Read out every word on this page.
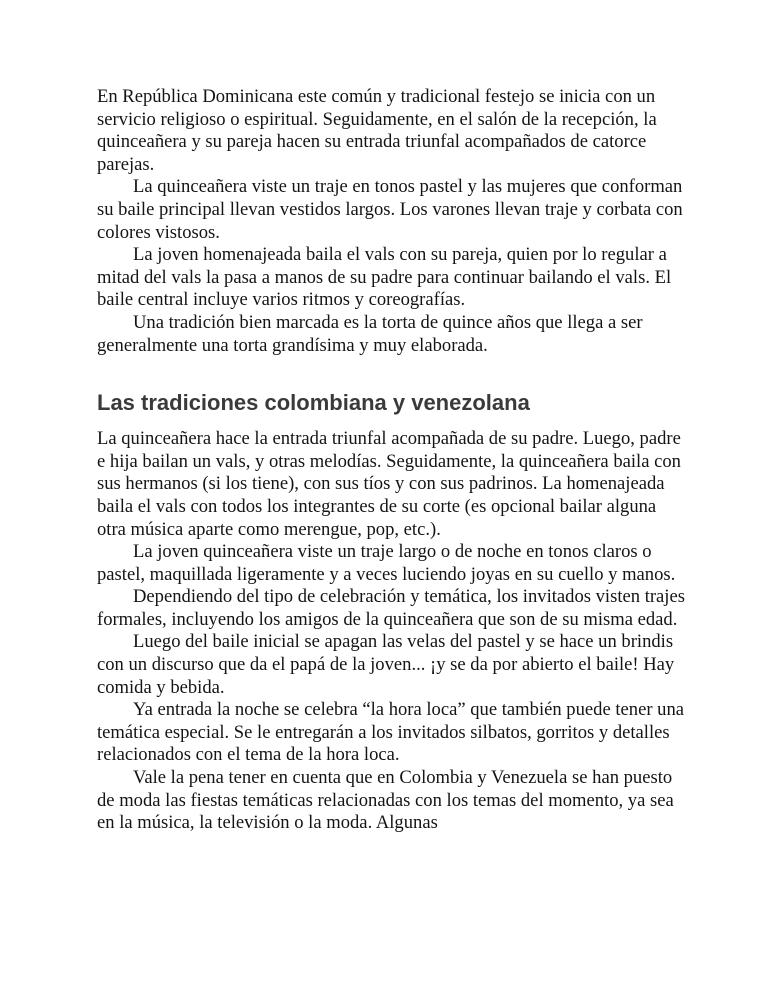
En República Dominicana este común y tradicional festejo se inicia con un servicio religioso o espiritual. Seguidamente, en el salón de la recepción, la quinceañera y su pareja hacen su entrada triunfal acompañados de catorce parejas.

La quinceañera viste un traje en tonos pastel y las mujeres que conforman su baile principal llevan vestidos largos. Los varones llevan traje y corbata con colores vistosos.

La joven homenajeada baila el vals con su pareja, quien por lo regular a mitad del vals la pasa a manos de su padre para continuar bailando el vals. El baile central incluye varios ritmos y coreografías.

Una tradición bien marcada es la torta de quince años que llega a ser generalmente una torta grandísima y muy elaborada.

Las tradiciones colombiana y venezolana

La quinceañera hace la entrada triunfal acompañada de su padre. Luego, padre e hija bailan un vals, y otras melodías. Seguidamente, la quinceañera baila con sus hermanos (si los tiene), con sus tíos y con sus padrinos. La homenajeada baila el vals con todos los integrantes de su corte (es opcional bailar alguna otra música aparte como merengue, pop, etc.).

La joven quinceañera viste un traje largo o de noche en tonos claros o pastel, maquillada ligeramente y a veces luciendo joyas en su cuello y manos.

Dependiendo del tipo de celebración y temática, los invitados visten trajes formales, incluyendo los amigos de la quinceañera que son de su misma edad.

Luego del baile inicial se apagan las velas del pastel y se hace un brindis con un discurso que da el papá de la joven... ¡y se da por abierto el baile! Hay comida y bebida.

Ya entrada la noche se celebra “la hora loca” que también puede tener una temática especial. Se le entregarán a los invitados silbatos, gorritos y detalles relacionados con el tema de la hora loca.

Vale la pena tener en cuenta que en Colombia y Venezuela se han puesto de moda las fiestas temáticas relacionadas con los temas del momento, ya sea en la música, la televisión o la moda. Algunas
